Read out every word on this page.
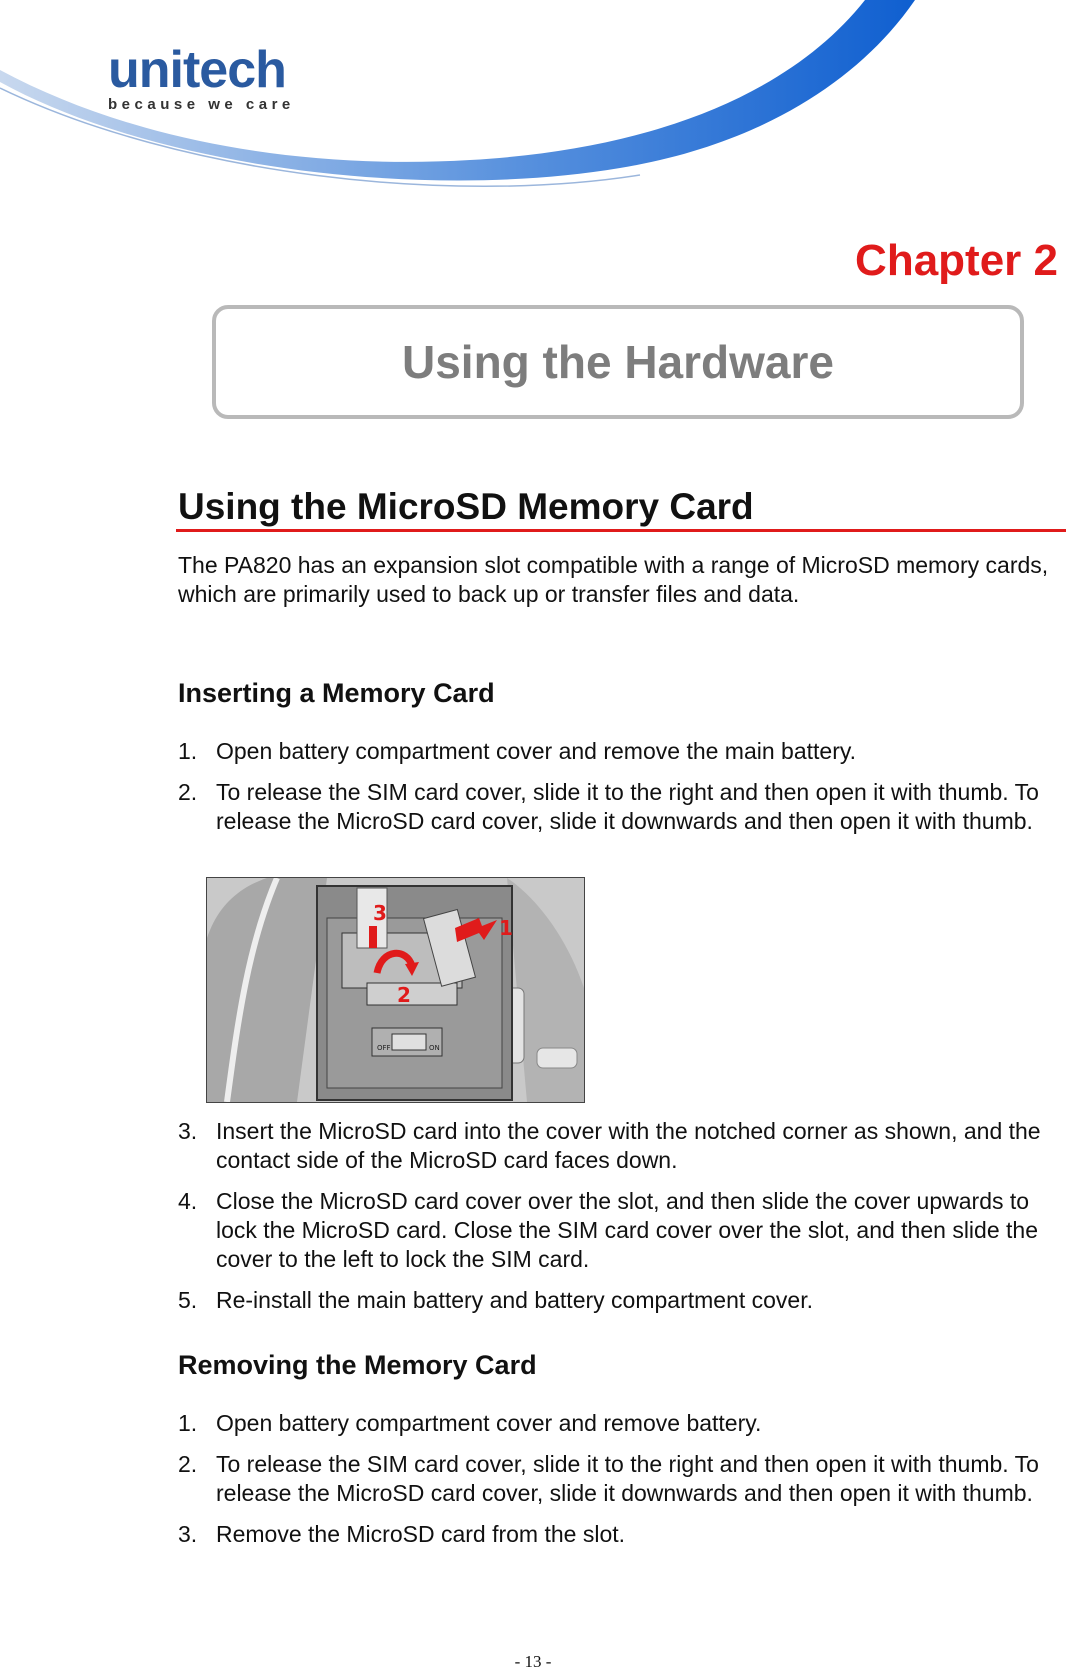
unitech
because we care
Chapter 2
Using the Hardware
Using the MicroSD Memory Card
The PA820 has an expansion slot compatible with a range of MicroSD memory cards, which are primarily used to back up or transfer files and data.
Inserting a Memory Card
1. Open battery compartment cover and remove the main battery.
2. To release the SIM card cover, slide it to the right and then open it with thumb. To release the MicroSD card cover, slide it downwards and then open it with thumb.
OFF	ON
3
1
2
3. Insert the MicroSD card into the cover with the notched corner as shown, and the contact side of the MicroSD card faces down.
4. Close the MicroSD card cover over the slot, and then slide the cover upwards to lock the MicroSD card. Close the SIM card cover over the slot, and then slide the cover to the left to lock the SIM card.
5. Re-install the main battery and battery compartment cover.
Removing the Memory Card
1. Open battery compartment cover and remove battery.
2. To release the SIM card cover, slide it to the right and then open it with thumb. To release the MicroSD card cover, slide it downwards and then open it with thumb.
3. Remove the MicroSD card from the slot.
- 13 -
